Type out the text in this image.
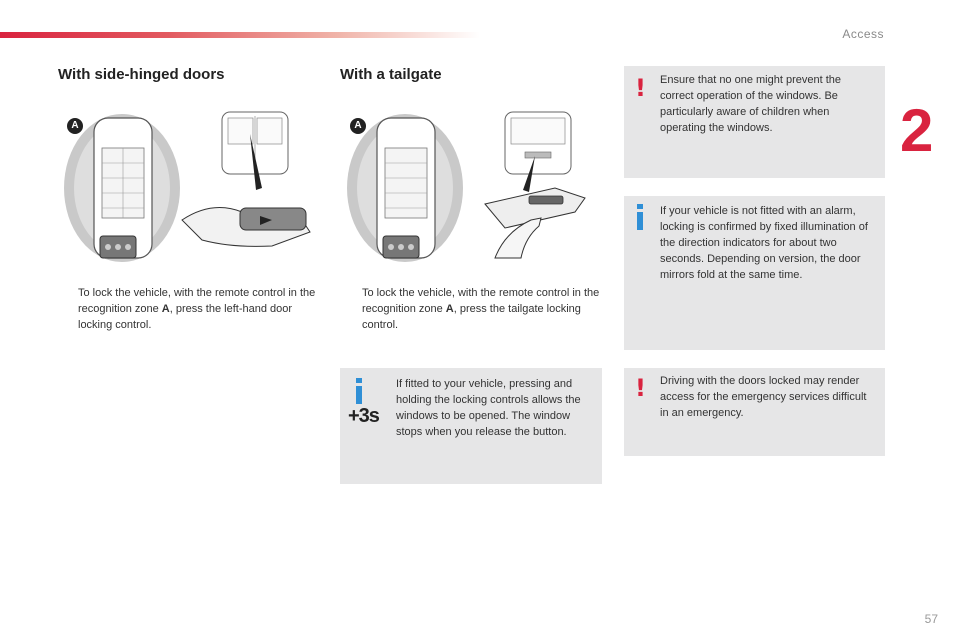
Access
2
With side-hinged doors
A
To lock the vehicle, with the remote control in the recognition zone A, press the left-hand door locking control.
With a tailgate
A
To lock the vehicle, with the remote control in the recognition zone A, press the tailgate locking control.
+3s
If fitted to your vehicle, pressing and holding the locking controls allows the windows to be opened. The window stops when you release the button.
! Ensure that no one might prevent the correct operation of the windows. Be particularly aware of children when operating the windows.
If your vehicle is not fitted with an alarm, locking is confirmed by fixed illumination of the direction indicators for about two seconds. Depending on version, the door mirrors fold at the same time.
! Driving with the doors locked may render access for the emergency services difficult in an emergency.
57
